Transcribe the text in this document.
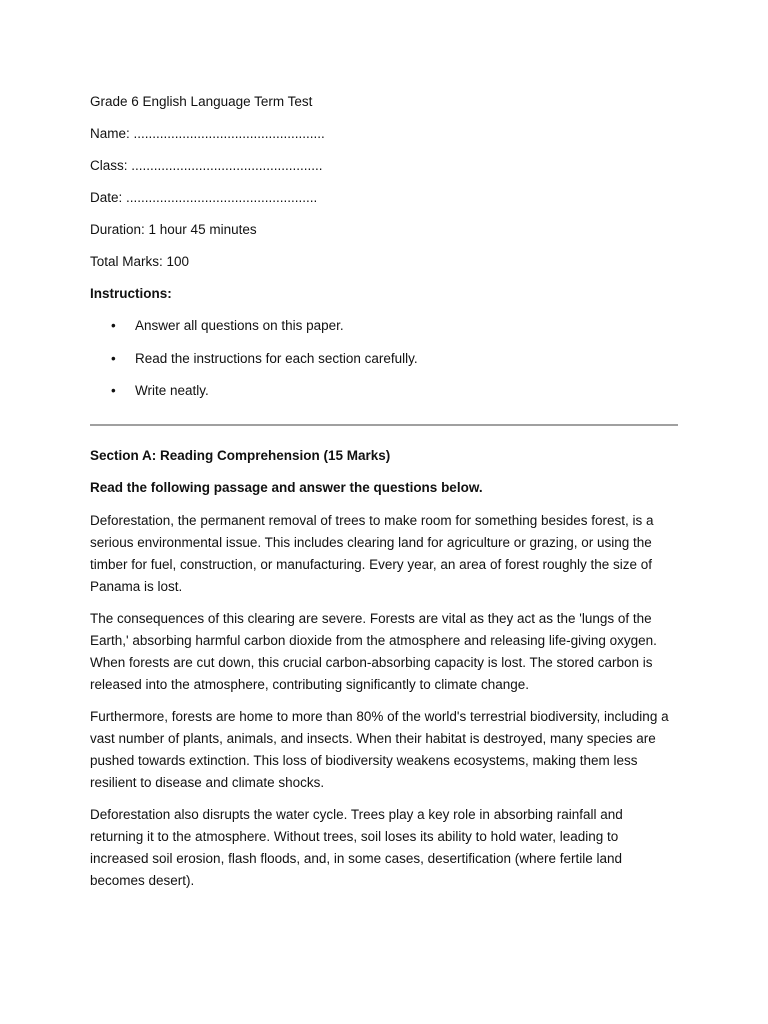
Grade 6 English Language Term Test
Name: ...................................................
Class: ...................................................
Date: ...................................................
Duration: 1 hour 45 minutes
Total Marks: 100
Instructions:
• Answer all questions on this paper.
• Read the instructions for each section carefully.
• Write neatly.
Section A: Reading Comprehension (15 Marks)
Read the following passage and answer the questions below.

Deforestation, the permanent removal of trees to make room for something besides forest, is a serious environmental issue. This includes clearing land for agriculture or grazing, or using the timber for fuel, construction, or manufacturing. Every year, an area of forest roughly the size of Panama is lost.

The consequences of this clearing are severe. Forests are vital as they act as the 'lungs of the Earth,' absorbing harmful carbon dioxide from the atmosphere and releasing life-giving oxygen. When forests are cut down, this crucial carbon-absorbing capacity is lost. The stored carbon is released into the atmosphere, contributing significantly to climate change.

Furthermore, forests are home to more than 80% of the world's terrestrial biodiversity, including a vast number of plants, animals, and insects. When their habitat is destroyed, many species are pushed towards extinction. This loss of biodiversity weakens ecosystems, making them less resilient to disease and climate shocks.

Deforestation also disrupts the water cycle. Trees play a key role in absorbing rainfall and returning it to the atmosphere. Without trees, soil loses its ability to hold water, leading to increased soil erosion, flash floods, and, in some cases, desertification (where fertile land becomes desert).
